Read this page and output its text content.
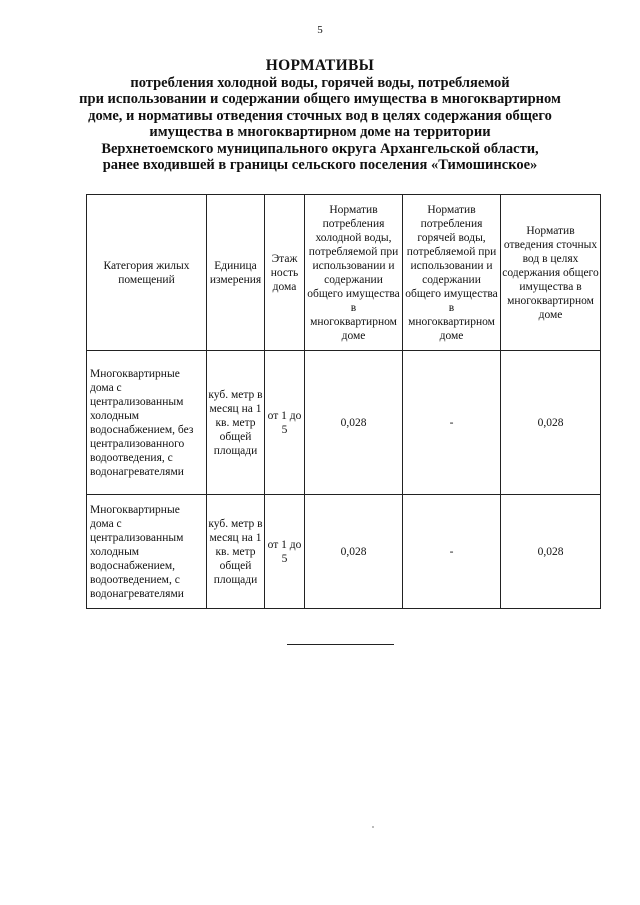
5
НОРМАТИВЫ
потребления холодной воды, горячей воды, потребляемой
при использовании и содержании общего имущества в многоквартирном
доме, и нормативы отведения сточных вод в целях содержания общего
имущества в многоквартирном доме на территории
Верхнетоемского муниципального округа Архангельской области,
ранее входившей в границы сельского поселения «Тимошинское»
Категория жилых помещений	Единица измерения	Этаж ность дома	Норматив потребления холодной воды, потребляемой при использовании и содержании общего имущества в многоквартирном доме	Норматив потребления горячей воды, потребляемой при использовании и содержании общего имущества в многоквартирном доме	Норматив отведения сточных вод в целях содержания общего имущества в многоквартирном доме
Многоквартирные дома с централизованным холодным водоснабжением, без централизованного водоотведения, с водонагревателями	куб. метр в месяц на 1 кв. метр общей площади	от 1 до 5	0,028	-	0,028
Многоквартирные дома с централизованным холодным водоснабжением, водоотведением, с водонагревателями	куб. метр в месяц на 1 кв. метр общей площади	от 1 до 5	0,028	-	0,028
